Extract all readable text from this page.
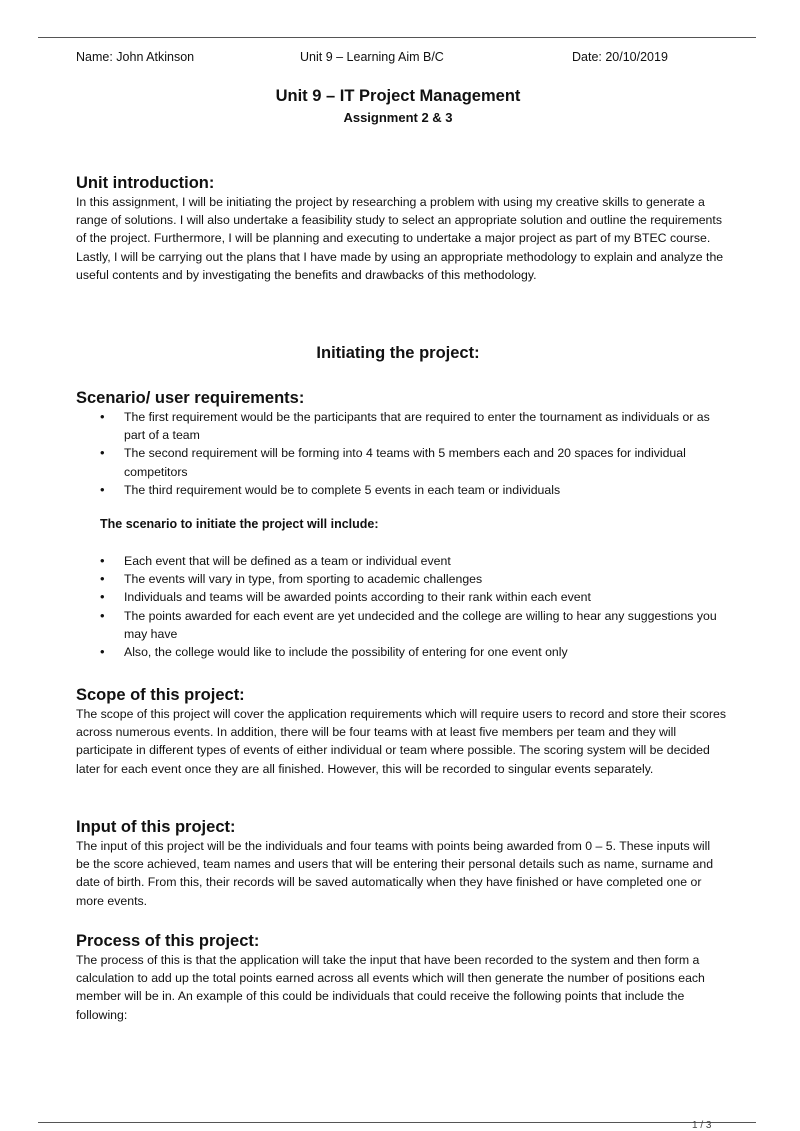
Name: John Atkinson	Unit 9 – Learning Aim B/C	Date: 20/10/2019
Unit 9 – IT Project Management
Assignment 2 & 3
Unit introduction:

In this assignment, I will be initiating the project by researching a problem with using my creative skills to generate a range of solutions. I will also undertake a feasibility study to select an appropriate solution and outline the requirements of the project. Furthermore, I will be planning and executing to undertake a major project as part of my BTEC course. Lastly, I will be carrying out the plans that I have made by using an appropriate methodology to explain and analyze the useful contents and by investigating the benefits and drawbacks of this methodology.

Initiating the project:
Scenario/ user requirements:
• The first requirement would be the participants that are required to enter the tournament as individuals or as part of a team
• The second requirement will be forming into 4 teams with 5 members each and 20 spaces for individual competitors
• The third requirement would be to complete 5 events in each team or individuals
The scenario to initiate the project will include:
• Each event that will be defined as a team or individual event
• The events will vary in type, from sporting to academic challenges
• Individuals and teams will be awarded points according to their rank within each event
• The points awarded for each event are yet undecided and the college are willing to hear any suggestions you may have
• Also, the college would like to include the possibility of entering for one event only
Scope of this project:

The scope of this project will cover the application requirements which will require users to record and store their scores across numerous events. In addition, there will be four teams with at least five members per team and they will participate in different types of events of either individual or team where possible. The scoring system will be decided later for each event once they are all finished. However, this will be recorded to singular events separately.

Input of this project:

The input of this project will be the individuals and four teams with points being awarded from 0 – 5. These inputs will be the score achieved, team names and users that will be entering their personal details such as name, surname and date of birth. From this, their records will be saved automatically when they have finished or have completed one or more events.

Process of this project:

The process of this is that the application will take the input that have been recorded to the system and then form a calculation to add up the total points earned across all events which will then generate the number of positions each member will be in. An example of this could be individuals that could receive the following points that include the following:

1 / 3
